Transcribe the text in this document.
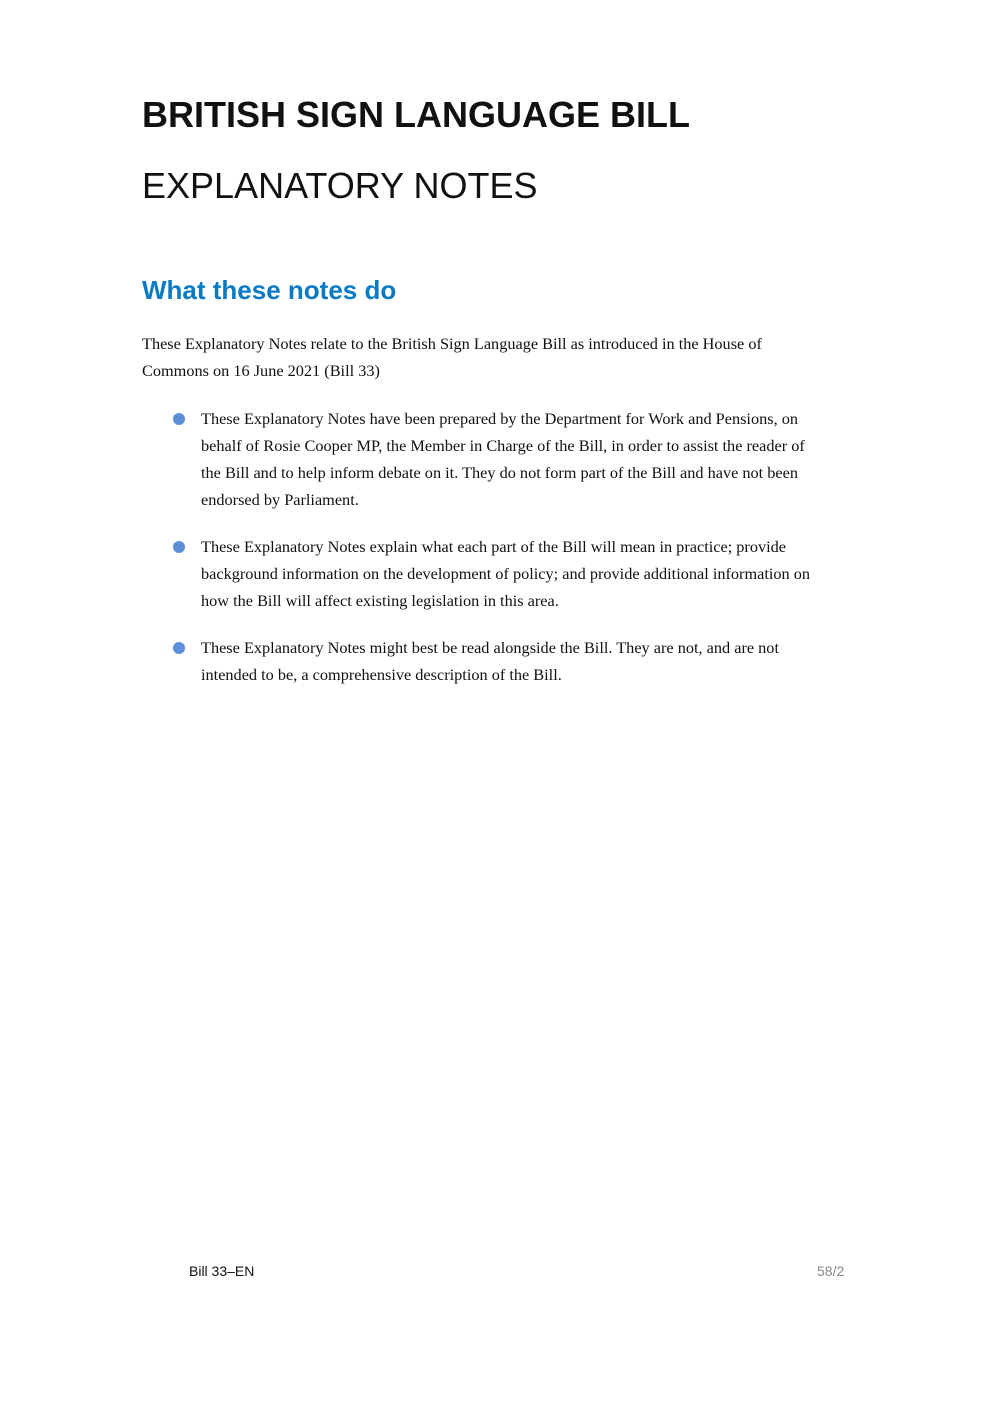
BRITISH SIGN LANGUAGE BILL
EXPLANATORY NOTES
What these notes do
These Explanatory Notes relate to the British Sign Language Bill as introduced in the House of
Commons on 16 June 2021 (Bill 33)
These Explanatory Notes have been prepared by the Department for Work and Pensions, on
behalf of Rosie Cooper MP, the Member in Charge of the Bill, in order to assist the reader of
the Bill and to help inform debate on it. They do not form part of the Bill and have not been
endorsed by Parliament.
These Explanatory Notes explain what each part of the Bill will mean in practice; provide
background information on the development of policy; and provide additional information on
how the Bill will affect existing legislation in this area.
These Explanatory Notes might best be read alongside the Bill. They are not, and are not
intended to be, a comprehensive description of the Bill.
Bill 33–EN	58/2
